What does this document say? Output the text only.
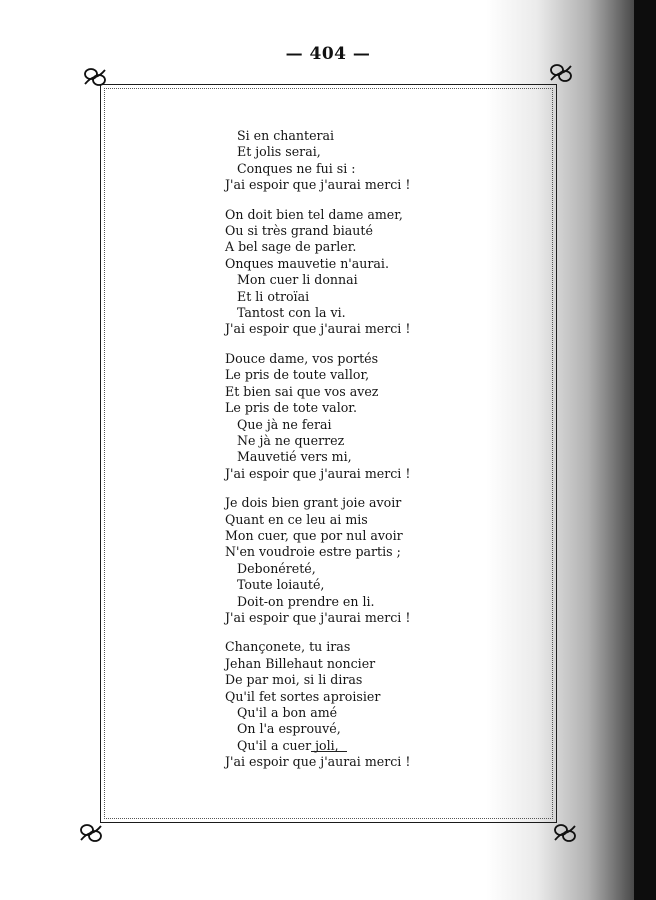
— 404 —
Si en chanterai
Et jolis serai,
Conques ne fui si :
J'ai espoir que j'aurai merci !
On doit bien tel dame amer,
Ou si très grand biauté
A bel sage de parler.
Onques mauvetie n'aurai.
Mon cuer li donnai
Et li otroïai
Tantost con la vi.
J'ai espoir que j'aurai merci !
Douce dame, vos portés
Le pris de toute vallor,
Et bien sai que vos avez
Le pris de tote valor.
Que jà ne ferai
Ne jà ne querrez
Mauvetié vers mi,
J'ai espoir que j'aurai merci !
Je dois bien grant joie avoir
Quant en ce leu ai mis
Mon cuer, que por nul avoir
N'en voudroie estre partis ;
Debonéreté,
Toute loiauté,
Doit-on prendre en li.
J'ai espoir que j'aurai merci !
Chançonete, tu iras
Jehan Billehaut noncier
De par moi, si li diras
Qu'il fet sortes aproisier
Qu'il a bon amé
On l'a esprouvé,
Qu'il a cuer joli,
J'ai espoir que j'aurai merci !
